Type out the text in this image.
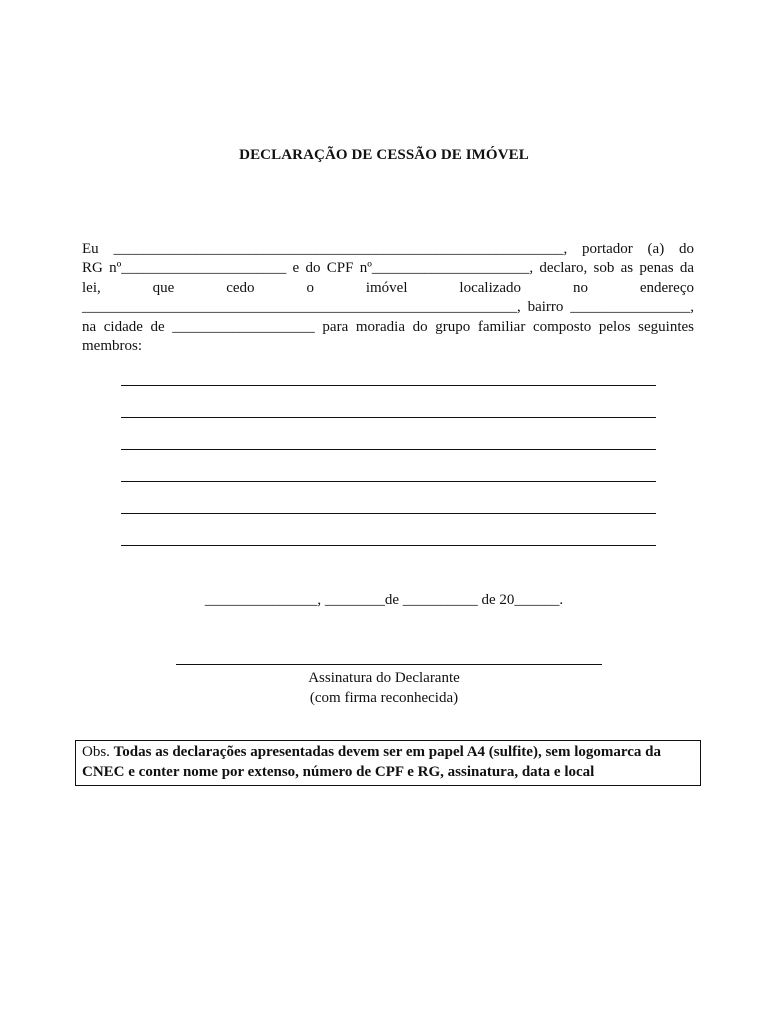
DECLARAÇÃO DE CESSÃO DE IMÓVEL

Eu ____________________________________________________________, portador (a) do

RG nº______________________ e do CPF nº_____________________, declaro, sob as penas da

lei, que cedo o imóvel localizado no endereço

__________________________________________________________, bairro ________________,

na cidade de ___________________ para moradia do grupo familiar composto pelos seguintes

membros:

_______________, ________de __________ de 20______.
Assinatura do Declarante
(com firma reconhecida)
Obs. Todas as declarações apresentadas devem ser em papel A4 (sulfite), sem logomarca da CNEC e conter nome por extenso, número de CPF e RG, assinatura, data e local
